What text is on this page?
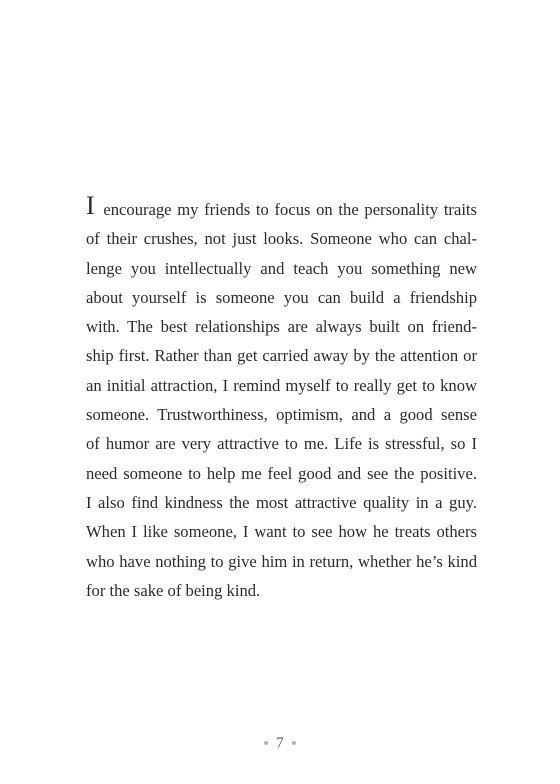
I encourage my friends to focus on the personality traits
of their crushes, not just looks. Someone who can chal-
lenge you intellectually and teach you something new
about yourself is someone you can build a friendship
with. The best relationships are always built on friend-
ship first. Rather than get carried away by the attention or
an initial attraction, I remind myself to really get to know
someone. Trustworthiness, optimism, and a good sense
of humor are very attractive to me. Life is stressful, so I
need someone to help me feel good and see the positive.
I also find kindness the most attractive quality in a guy.
When I like someone, I want to see how he treats others
who have nothing to give him in return, whether he’s kind
for the sake of being kind.
7
